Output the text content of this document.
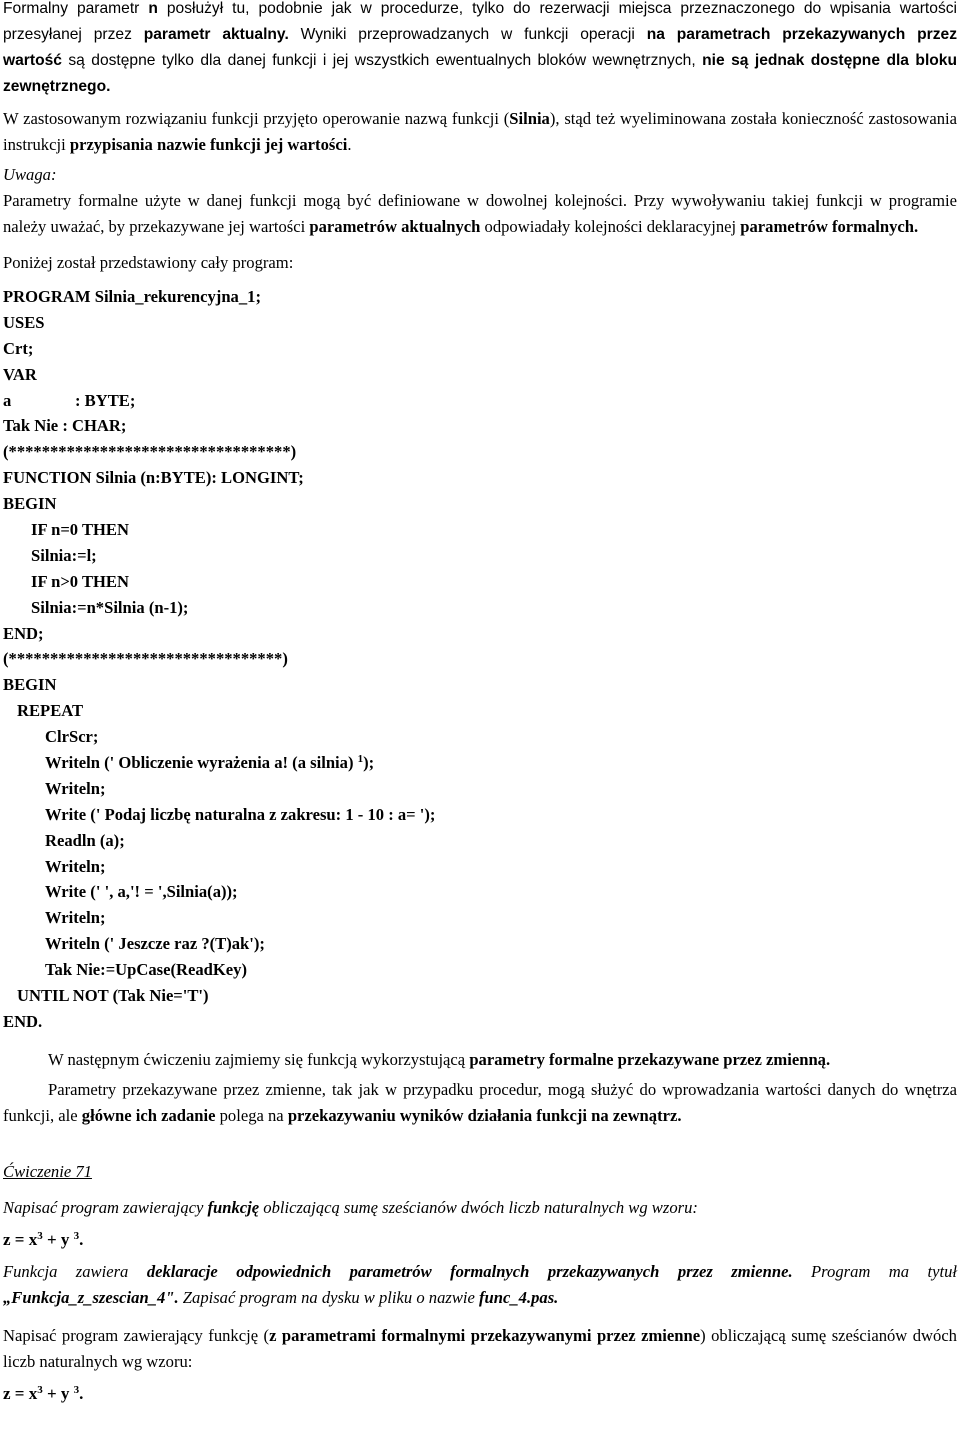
Formalny parametr n posłużył tu, podobnie jak w procedurze, tylko do rezerwacji miejsca przeznaczonego do wpisania wartości przesyłanej przez parametr aktualny. Wyniki przeprowadzanych w funkcji operacji na parametrach przekazywanych przez

wartość są dostępne tylko dla danej funkcji i jej wszystkich ewentualnych bloków wewnętrznych, nie są jednak dostępne dla bloku zewnętrznego.

W zastosowanym rozwiązaniu funkcji przyjęto operowanie nazwą funkcji (Silnia), stąd też wyeliminowana została konieczność zastosowania instrukcji przypisania nazwie funkcji jej wartości.

Uwaga:

Parametry formalne użyte w danej funkcji mogą być definiowane w dowolnej kolejności. Przy wywoływaniu takiej funkcji w programie należy uważać, by przekazywane jej wartości parametrów aktualnych odpowiadały kolejności deklaracyjnej parametrów formalnych.

Poniżej został przedstawiony cały program:

PROGRAM Silnia_rekurencyjna_1;
USES
Crt;
VAR
a	: BYTE;
Tak Nie : CHAR;
(**********************************)
FUNCTION Silnia (n:BYTE): LONGINT;
BEGIN
IF n=0 THEN
Silnia:=l;
IF n>0 THEN
Silnia:=n*Silnia (n-1);
END;
(*********************************)
BEGIN
REPEAT
ClrScr;
Writeln (' Obliczenie wyrażenia a! (a silnia) $^1$);
Writeln;
Write (' Podaj liczbę naturalna z zakresu: 1 - 10 : a= ');
Readln (a);
Writeln;
Write (' ', a,'! = ',Silnia(a));
Writeln;
Writeln (' Jeszcze raz ?(T)ak');
Tak Nie:=UpCase(ReadKey)
UNTIL NOT (Tak Nie='T')
END.

W następnym ćwiczeniu zajmiemy się funkcją wykorzystującą parametry formalne przekazywane przez zmienną.

Parametry przekazywane przez zmienne, tak jak w przypadku procedur, mogą służyć do wprowadzania wartości danych do wnętrza funkcji, ale główne ich zadanie polega na przekazywaniu wyników działania funkcji na zewnątrz.

Ćwiczenie 71

Napisać program zawierający funkcję obliczającą sumę sześcianów dwóch liczb naturalnych wg wzoru:

$z = x^3 + y$ $^3$.

Funkcja zawiera deklaracje odpowiednich parametrów formalnych przekazywanych przez zmienne. Program ma tytuł „Funkcja_z_szescian_4". Zapisać program na dysku w pliku o nazwie func_4.pas.

Napisać program zawierający funkcję (z parametrami formalnymi przekazywanymi przez zmienne) obliczającą sumę sześcianów dwóch liczb naturalnych wg wzoru:

$z = x^3 + y$ $^3$.
